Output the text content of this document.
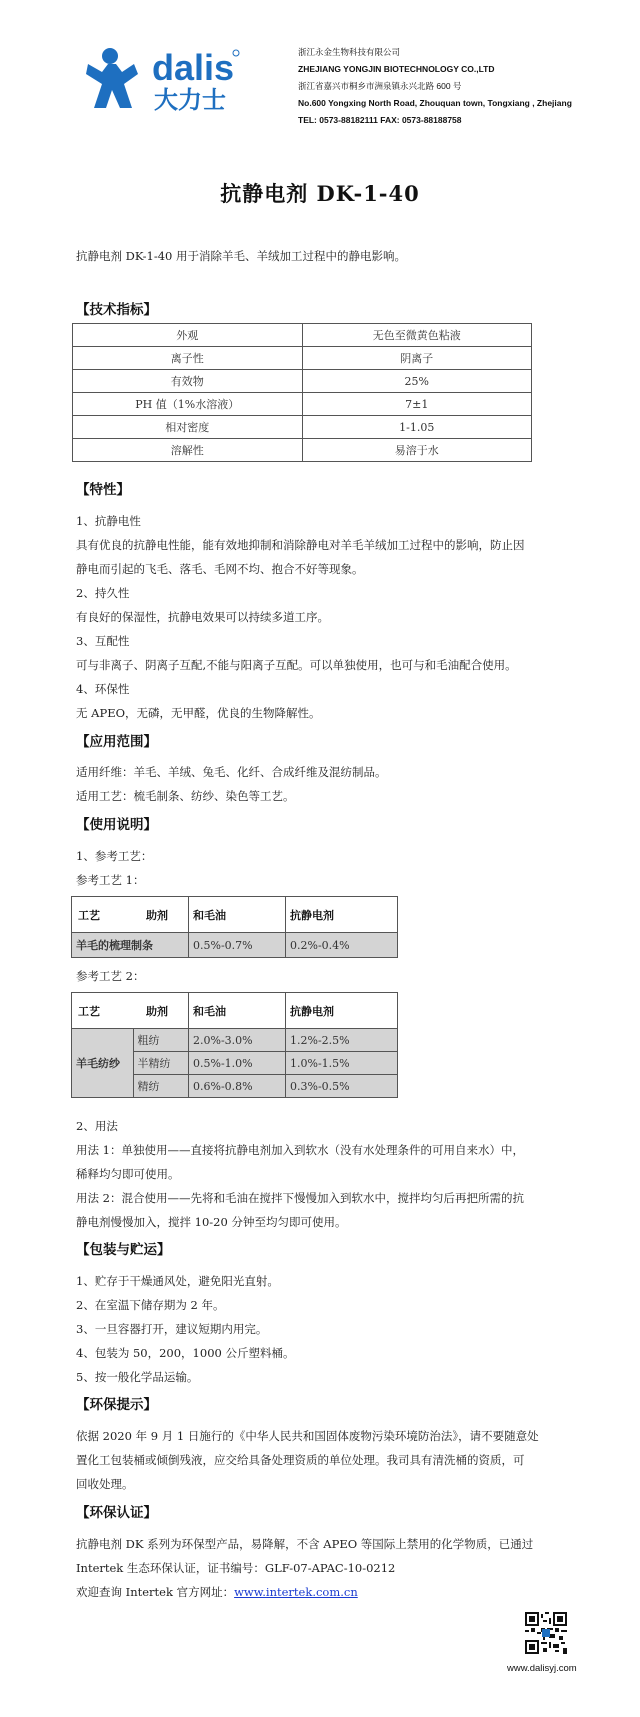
dalis
大力士
浙江永金生物科技有限公司
ZHEJIANG YONGJIN BIOTECHNOLOGY CO.,LTD
浙江省嘉兴市桐乡市洲泉镇永兴北路 600 号
No.600 Yongxing North Road, Zhouquan town, Tongxiang , Zhejiang
TEL: 0573-88182111 FAX: 0573-88188758
抗静电剂 DK-1-40
抗静电剂 DK-1-40 用于消除羊毛、羊绒加工过程中的静电影响。
【技术指标】
外观	无色至微黄色粘液
离子性	阴离子
有效物	25%
PH 值（1%水溶液）	7±1
相对密度	1-1.05
溶解性	易溶于水
【特性】
1、抗静电性
具有优良的抗静电性能，能有效地抑制和消除静电对羊毛羊绒加工过程中的影响，防止因
静电而引起的飞毛、落毛、毛网不均、抱合不好等现象。
2、持久性
有良好的保湿性，抗静电效果可以持续多道工序。
3、互配性
可与非离子、阴离子互配,不能与阳离子互配。可以单独使用，也可与和毛油配合使用。
4、环保性
无 APEO，无磷，无甲醛，优良的生物降解性。
【应用范围】
适用纤维：羊毛、羊绒、兔毛、化纤、合成纤维及混纺制品。
适用工艺：梳毛制条、纺纱、染色等工艺。
【使用说明】
1、参考工艺：
参考工艺 1：
工艺 助剂	和毛油	抗静电剂
羊毛的梳理制条	0.5%-0.7%	0.2%-0.4%
参考工艺 2：
工艺 助剂		和毛油	抗静电剂
羊毛纺纱	粗纺	2.0%-3.0%	1.2%-2.5%
	半精纺	0.5%-1.0%	1.0%-1.5%
	精纺	0.6%-0.8%	0.3%-0.5%
2、用法
用法 1：单独使用——直接将抗静电剂加入到软水（没有水处理条件的可用自来水）中，
稀释均匀即可使用。
用法 2：混合使用——先将和毛油在搅拌下慢慢加入到软水中，搅拌均匀后再把所需的抗
静电剂慢慢加入，搅拌 10-20 分钟至均匀即可使用。
【包装与贮运】
1、贮存于干燥通风处，避免阳光直射。
2、在室温下储存期为 2 年。
3、一旦容器打开，建议短期内用完。
4、包装为 50，200，1000 公斤塑料桶。
5、按一般化学品运输。
【环保提示】
依据 2020 年 9 月 1 日施行的《中华人民共和国固体废物污染环境防治法》，请不要随意处
置化工包装桶或倾倒残液，应交给具备处理资质的单位处理。我司具有清洗桶的资质，可
回收处理。
【环保认证】
抗静电剂 DK 系列为环保型产品，易降解，不含 APEO 等国际上禁用的化学物质，已通过
Intertek 生态环保认证，证书编号：GLF-07-APAC-10-0212
欢迎查询 Intertek 官方网址：www.intertek.com.cn
www.dalisyj.com
